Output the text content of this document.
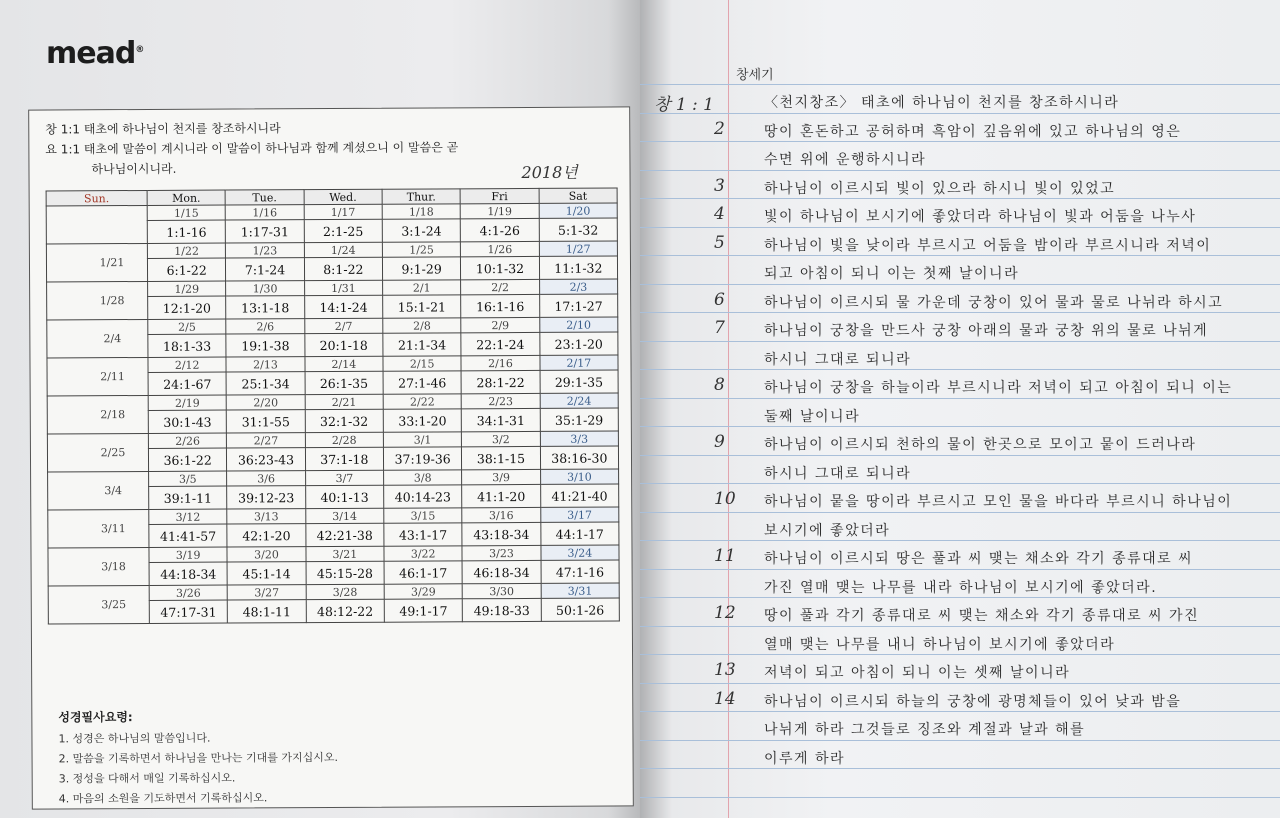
mead®
창 1:1 태초에 하나님이 천지를 창조하시니라
요 1:1 태초에 말씀이 계시니라 이 말씀이 하나님과 함께 계셨으니 이 말씀은 곧
하나님이시니라.	2018년
Sun.	Mon.	Tue.	Wed.	Thur.	Fri	Sat
	1/15	1/16	1/17	1/18	1/19	1/20
	1:1-16	1:17-31	2:1-25	3:1-24	4:1-26	5:1-32
1/21	1/22	1/23	1/24	1/25	1/26	1/27
	6:1-22	7:1-24	8:1-22	9:1-29	10:1-32	11:1-32
1/28	1/29	1/30	1/31	2/1	2/2	2/3
	12:1-20	13:1-18	14:1-24	15:1-21	16:1-16	17:1-27
2/4	2/5	2/6	2/7	2/8	2/9	2/10
	18:1-33	19:1-38	20:1-18	21:1-34	22:1-24	23:1-20
2/11	2/12	2/13	2/14	2/15	2/16	2/17
	24:1-67	25:1-34	26:1-35	27:1-46	28:1-22	29:1-35
2/18	2/19	2/20	2/21	2/22	2/23	2/24
	30:1-43	31:1-55	32:1-32	33:1-20	34:1-31	35:1-29
2/25	2/26	2/27	2/28	3/1	3/2	3/3
	36:1-22	36:23-43	37:1-18	37:19-36	38:1-15	38:16-30
3/4	3/5	3/6	3/7	3/8	3/9	3/10
	39:1-11	39:12-23	40:1-13	40:14-23	41:1-20	41:21-40
3/11	3/12	3/13	3/14	3/15	3/16	3/17
	41:41-57	42:1-20	42:21-38	43:1-17	43:18-34	44:1-17
3/18	3/19	3/20	3/21	3/22	3/23	3/24
	44:18-34	45:1-14	45:15-28	46:1-17	46:18-34	47:1-16
3/25	3/26	3/27	3/28	3/29	3/30	3/31
	47:17-31	48:1-11	48:12-22	49:1-17	49:18-33	50:1-26
성경필사요령:
1. 성경은 하나님의 말씀입니다.
2. 말씀을 기록하면서 하나님을 만나는 기대를 가지십시오.
3. 정성을 다해서 매일 기록하십시오.
4. 마음의 소원을 기도하면서 기록하십시오.
창세기
창 1 : 1	〈천지창조〉 태초에 하나님이 천지를 창조하시니라
2	땅이 혼돈하고 공허하며 흑암이 깊음위에 있고 하나님의 영은
수면 위에 운행하시니라
3	하나님이 이르시되 빛이 있으라 하시니 빛이 있었고
4	빛이 하나님이 보시기에 좋았더라 하나님이 빛과 어둠을 나누사
5	하나님이 빛을 낮이라 부르시고 어둠을 밤이라 부르시니라 저녁이
되고 아침이 되니 이는 첫째 날이니라
6	하나님이 이르시되 물 가운데 궁창이 있어 물과 물로 나뉘라 하시고
7	하나님이 궁창을 만드사 궁창 아래의 물과 궁창 위의 물로 나뉘게
하시니 그대로 되니라
8	하나님이 궁창을 하늘이라 부르시니라 저녁이 되고 아침이 되니 이는
둘째 날이니라
9	하나님이 이르시되 천하의 물이 한곳으로 모이고 뭍이 드러나라
하시니 그대로 되니라
10 하나님이 뭍을 땅이라 부르시고 모인 물을 바다라 부르시니 하나님이
보시기에 좋았더라
11 하나님이 이르시되 땅은 풀과 씨 맺는 채소와 각기 종류대로 씨
가진 열매 맺는 나무를 내라 하나님이 보시기에 좋았더라.
12 땅이 풀과 각기 종류대로 씨 맺는 채소와 각기 종류대로 씨 가진
열매 맺는 나무를 내니 하나님이 보시기에 좋았더라
13 저녁이 되고 아침이 되니 이는 셋째 날이니라
14 하나님이 이르시되 하늘의 궁창에 광명체들이 있어 낮과 밤을
나뉘게 하라 그것들로 징조와 계절과 날과 해를
이루게 하라
